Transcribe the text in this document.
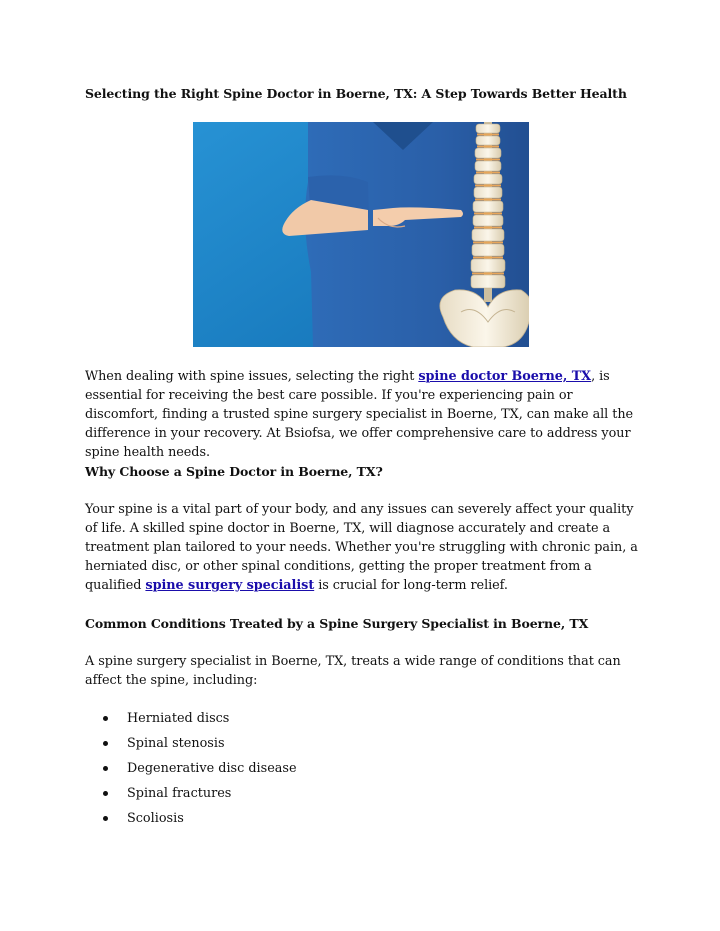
Selecting the Right Spine Doctor in Boerne, TX: A Step Towards Better Health

When dealing with spine issues, selecting the right spine doctor Boerne, TX, is essential for receiving the best care possible. If you're experiencing pain or discomfort, finding a trusted spine surgery specialist in Boerne, TX, can make all the difference in your recovery. At Bsiofsa, we offer comprehensive care to address your spine health needs.

Why Choose a Spine Doctor in Boerne, TX?

Your spine is a vital part of your body, and any issues can severely affect your quality of life. A skilled spine doctor in Boerne, TX, will diagnose accurately and create a treatment plan tailored to your needs. Whether you're struggling with chronic pain, a herniated disc, or other spinal conditions, getting the proper treatment from a qualified spine surgery specialist is crucial for long-term relief.

Common Conditions Treated by a Spine Surgery Specialist in Boerne, TX

A spine surgery specialist in Boerne, TX, treats a wide range of conditions that can affect the spine, including:

Herniated discs
Spinal stenosis
Degenerative disc disease
Spinal fractures
Scoliosis
